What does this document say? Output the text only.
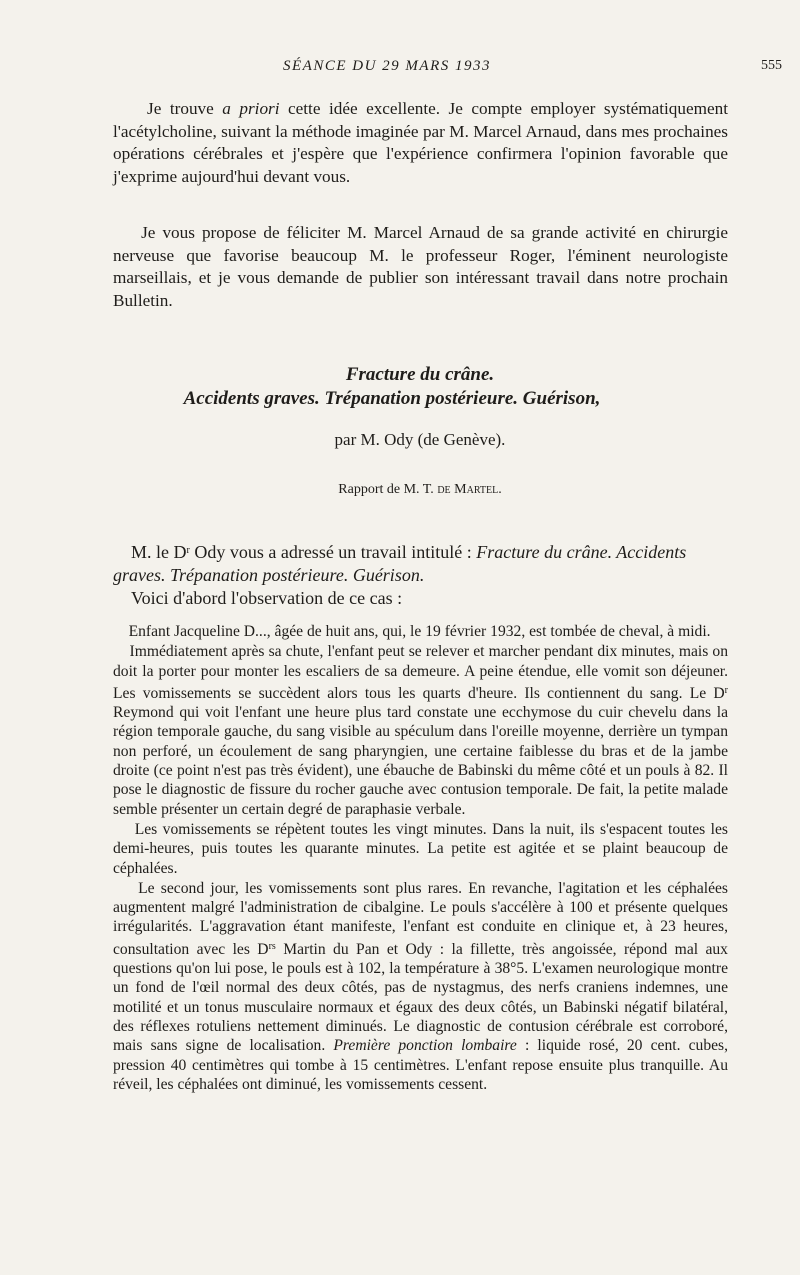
SÉANCE DU 29 MARS 1933	555

Je trouve a priori cette idée excellente. Je compte employer systématiquement l'acétylcholine, suivant la méthode imaginée par M. Marcel Arnaud, dans mes prochaines opérations cérébrales et j'espère que l'expérience confirmera l'opinion favorable que j'exprime aujourd'hui devant vous.

Je vous propose de féliciter M. Marcel Arnaud de sa grande activité en chirurgie nerveuse que favorise beaucoup M. le professeur Roger, l'éminent neurologiste marseillais, et je vous demande de publier son intéressant travail dans notre prochain Bulletin.

Fracture du crâne.
Accidents graves. Trépanation postérieure. Guérison,
par M. Ody (de Genève).
Rapport de M. T. de Martel.

M. le $D^r$ Ody vous a adressé un travail intitulé : Fracture du crâne. Accidents graves. Trépanation postérieure. Guérison.

Voici d'abord l'observation de ce cas :

Enfant Jacqueline D..., âgée de huit ans, qui, le 19 février 1932, est tombée de cheval, à midi.

Immédiatement après sa chute, l'enfant peut se relever et marcher pendant dix minutes, mais on doit la porter pour monter les escaliers de sa demeure. A peine étendue, elle vomit son déjeuner. Les vomissements se succèdent alors tous les quarts d'heure. Ils contiennent du sang. Le $D^r$ Reymond qui voit l'enfant une heure plus tard constate une ecchymose du cuir chevelu dans la région temporale gauche, du sang visible au spéculum dans l'oreille moyenne, derrière un tympan non perforé, un écoulement de sang pharyngien, une certaine faiblesse du bras et de la jambe droite (ce point n'est pas très évident), une ébauche de Babinski du même côté et un pouls à 82. Il pose le diagnostic de fissure du rocher gauche avec contusion temporale. De fait, la petite malade semble présenter un certain degré de paraphasie verbale.

Les vomissements se répètent toutes les vingt minutes. Dans la nuit, ils s'espacent toutes les demi-heures, puis toutes les quarante minutes. La petite est agitée et se plaint beaucoup de céphalées.

Le second jour, les vomissements sont plus rares. En revanche, l'agitation et les céphalées augmentent malgré l'administration de cibalgine. Le pouls s'accélère à 100 et présente quelques irrégularités. L'aggravation étant manifeste, l'enfant est conduite en clinique et, à 23 heures, consultation avec les $D^{rs}$ Martin du Pan et Ody : la fillette, très angoissée, répond mal aux questions qu'on lui pose, le pouls est à 102, la température à 38°5. L'examen neurologique montre un fond de l'œil normal des deux côtés, pas de nystagmus, des nerfs craniens indemnes, une motilité et un tonus musculaire normaux et égaux des deux côtés, un Babinski négatif bilatéral, des réflexes rotuliens nettement diminués. Le diagnostic de contusion cérébrale est corroboré, mais sans signe de localisation. Première ponction lombaire : liquide rosé, 20 cent. cubes, pression 40 centimètres qui tombe à 15 centimètres. L'enfant repose ensuite plus tranquille. Au réveil, les céphalées ont diminué, les vomissements cessent.
